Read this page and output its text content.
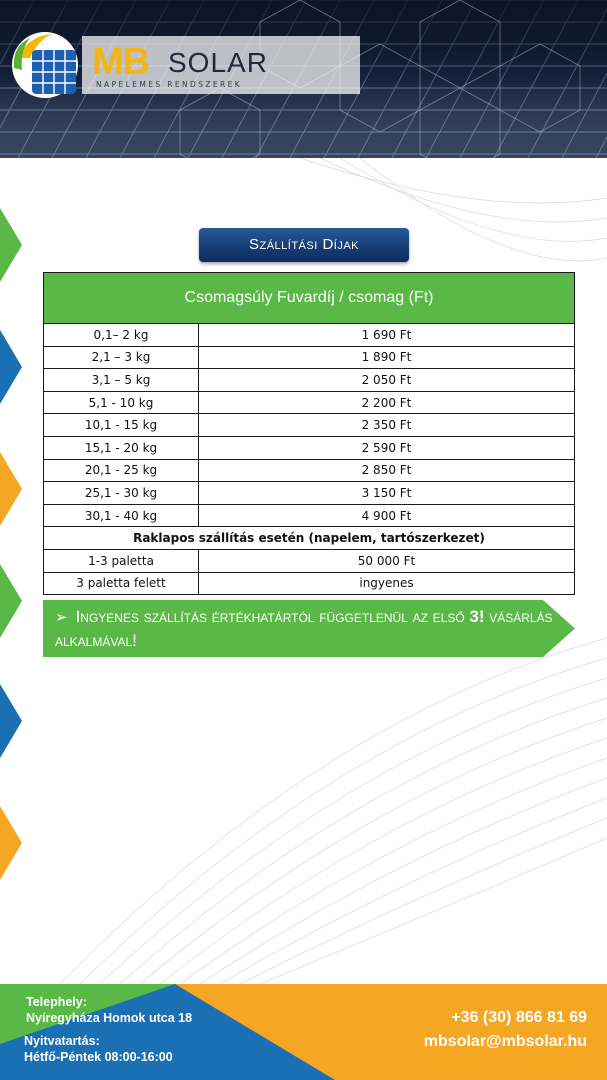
MB SOLAR
NAPELEMES RENDSZEREK
Szállítási Díjak
Csomagsúly Fuvardíj / csomag (Ft)	
0,1– 2 kg	1 690 Ft
2,1 – 3 kg	1 890 Ft
3,1 – 5 kg	2 050 Ft
5,1 - 10 kg	2 200 Ft
10,1 - 15 kg	2 350 Ft
15,1 - 20 kg	2 590 Ft
20,1 - 25 kg	2 850 Ft
25,1 - 30 kg	3 150 Ft
30,1 - 40 kg	4 900 Ft
Raklapos szállítás esetén (napelem, tartószerkezet)	
1-3 paletta	50 000 Ft
3 paletta felett	ingyenes
➢ Ingyenes szállítás értékhatártól függetlenül az első 3! vásárlás alkalmával!
Telephely:
Nyíregyháza Homok utca 18
Nyitvatartás:
Hétfő-Péntek 08:00-16:00
+36 (30) 866 81 69
mbsolar@mbsolar.hu
